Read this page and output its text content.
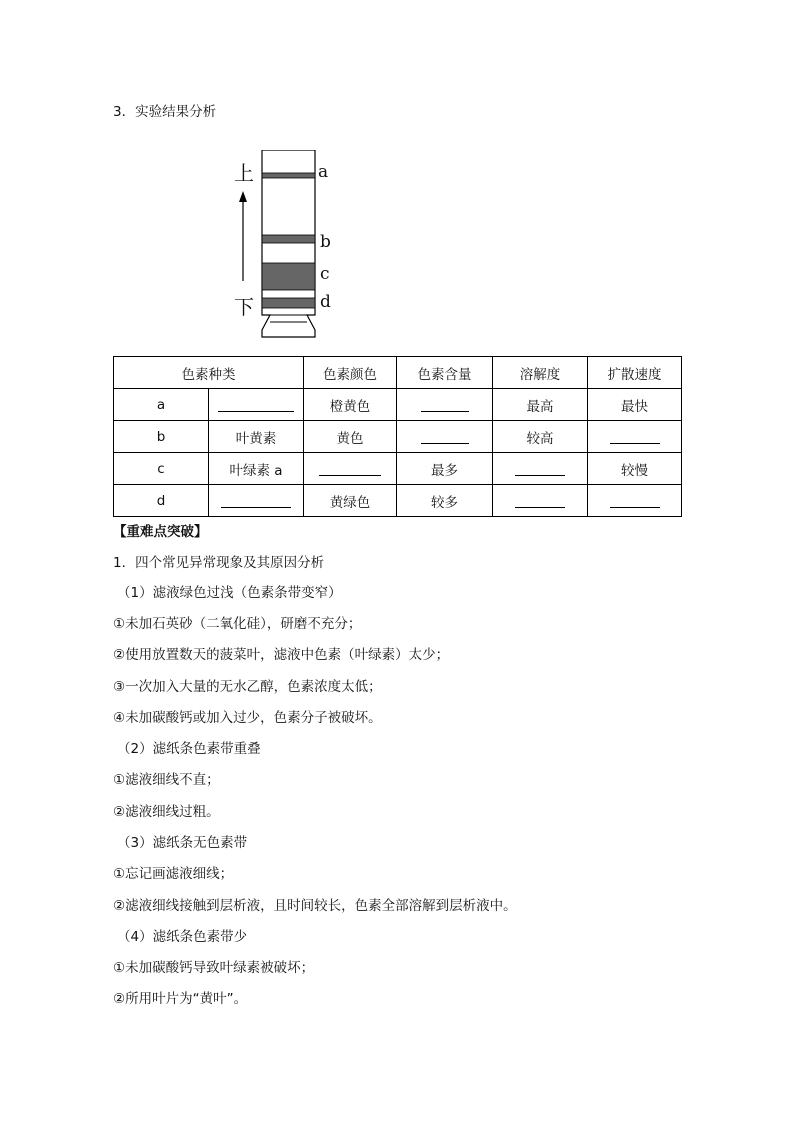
3．实验结果分析
上
下
a
b
c
d
色素种类		色素颜色	色素含量	溶解度	扩散速度
a		橙黄色		最高	最快
b	叶黄素	黄色		较高	
c	叶绿素 a		最多		较慢
d		黄绿色	较多		
【重难点突破】
1．四个常见异常现象及其原因分析
（1）滤液绿色过浅（色素条带变窄）
①未加石英砂（二氧化硅），研磨不充分；
②使用放置数天的菠菜叶，滤液中色素（叶绿素）太少；
③一次加入大量的无水乙醇，色素浓度太低；
④未加碳酸钙或加入过少，色素分子被破坏。
（2）滤纸条色素带重叠
①滤液细线不直；
②滤液细线过粗。
（3）滤纸条无色素带
①忘记画滤液细线；
②滤液细线接触到层析液，且时间较长，色素全部溶解到层析液中。
（4）滤纸条色素带少
①未加碳酸钙导致叶绿素被破坏；
②所用叶片为“黄叶”。
